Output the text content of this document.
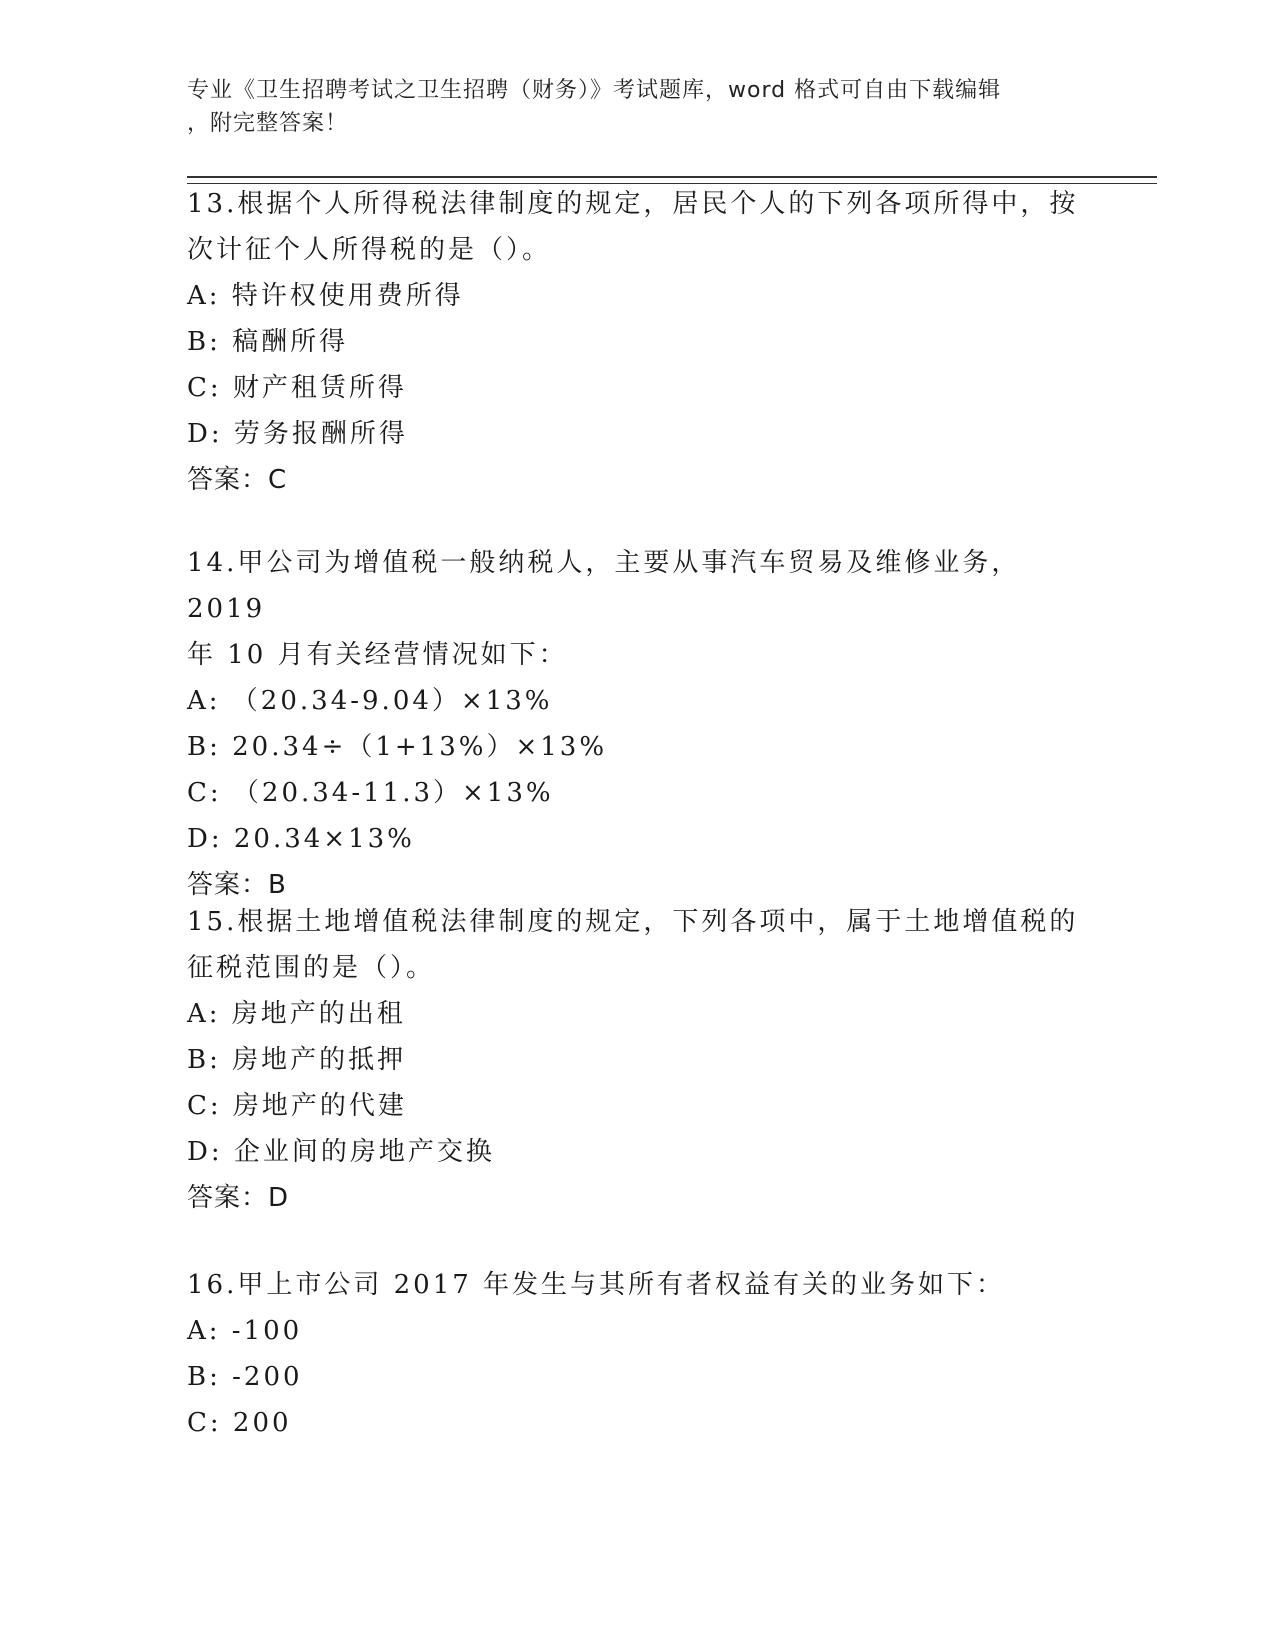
专业《卫生招聘考试之卫生招聘（财务）》考试题库，word 格式可自由下载编辑
，附完整答案！

13.根据个人所得税法律制度的规定，居民个人的下列各项所得中，按

次计征个人所得税的是（）。

A: 特许权使用费所得

B: 稿酬所得

C: 财产租赁所得

D: 劳务报酬所得

答案：C

14.甲公司为增值税一般纳税人，主要从事汽车贸易及维修业务，2019

年 10 月有关经营情况如下：

A: （20.34-9.04）×13%

B: 20.34÷（1+13%）×13%

C: （20.34-11.3）×13%

D: 20.34×13%

答案：B

15.根据土地增值税法律制度的规定，下列各项中，属于土地增值税的

征税范围的是（）。

A: 房地产的出租

B: 房地产的抵押

C: 房地产的代建

D: 企业间的房地产交换

答案：D

16.甲上市公司 2017 年发生与其所有者权益有关的业务如下：

A: -100

B: -200

C: 200
